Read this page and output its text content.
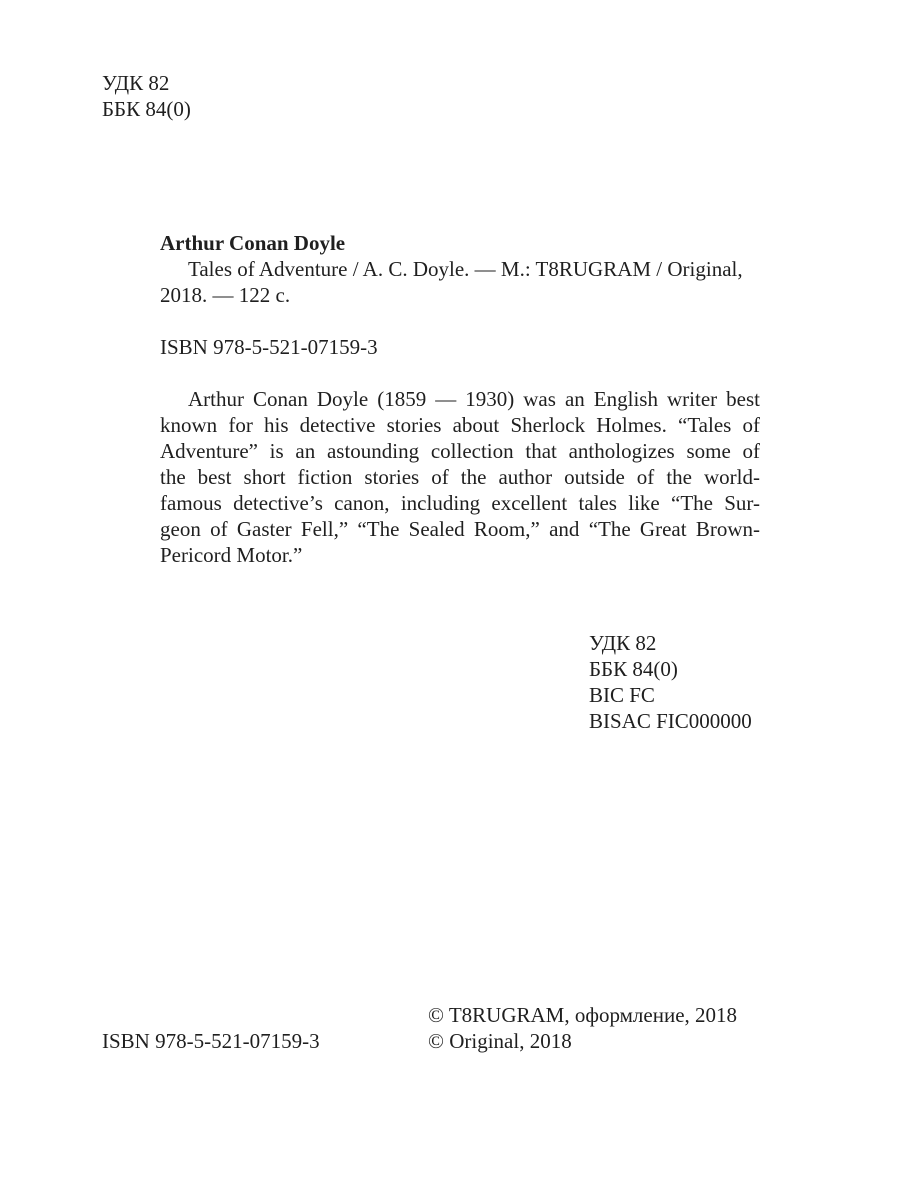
УДК 82
ББК 84(0)
Arthur Conan Doyle
Tales of Adventure / A. C. Doyle. — M.: T8RUGRAM / Original,
2018. — 122 с.
ISBN 978-5-521-07159-3
Arthur Conan Doyle (1859 — 1930) was an English writer best
known for his detective stories about Sherlock Holmes. “Tales of
Adventure” is an astounding collection that anthologizes some of
the best short fiction stories of the author outside of the world-
famous detective’s canon, including excellent tales like “The Sur-
geon of Gaster Fell,” “The Sealed Room,” and “The Great Brown-
Pericord Motor.”
УДК 82
ББК 84(0)
BIC FC
BISAC FIC000000
ISBN 978-5-521-07159-3
© T8RUGRAM, оформление, 2018
© Original, 2018
